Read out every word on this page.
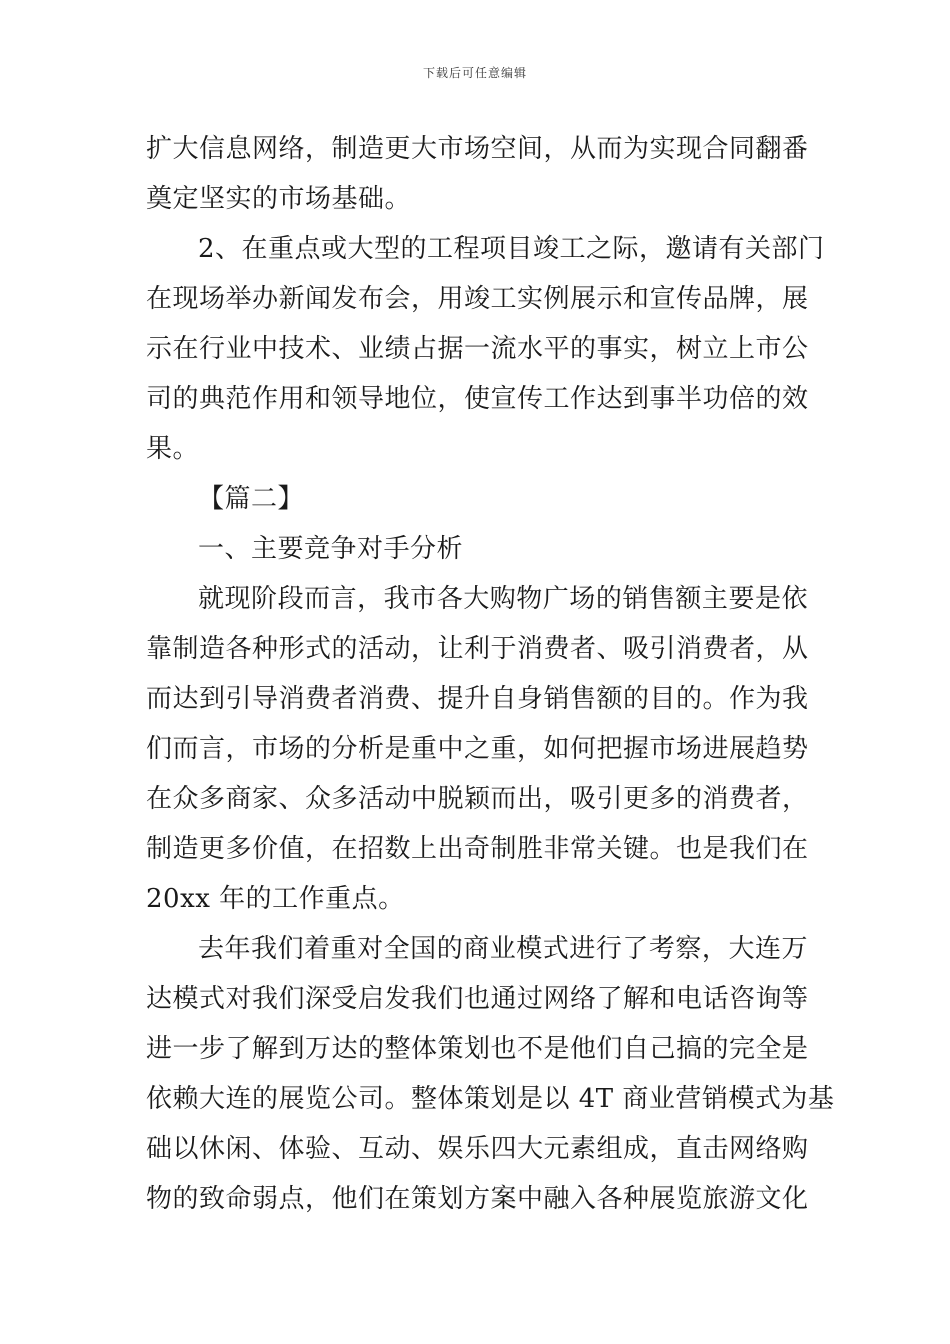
下载后可任意编辑
扩大信息网络，制造更大市场空间，从而为实现合同翻番
奠定坚实的市场基础。
2、在重点或大型的工程项目竣工之际，邀请有关部门
在现场举办新闻发布会，用竣工实例展示和宣传品牌，展
示在行业中技术、业绩占据一流水平的事实，树立上市公
司的典范作用和领导地位，使宣传工作达到事半功倍的效
果。
【篇二】
一、主要竞争对手分析
就现阶段而言，我市各大购物广场的销售额主要是依
靠制造各种形式的活动，让利于消费者、吸引消费者，从
而达到引导消费者消费、提升自身销售额的目的。作为我
们而言，市场的分析是重中之重，如何把握市场进展趋势
在众多商家、众多活动中脱颖而出，吸引更多的消费者，
制造更多价值，在招数上出奇制胜非常关键。也是我们在
20xx 年的工作重点。
去年我们着重对全国的商业模式进行了考察，大连万
达模式对我们深受启发我们也通过网络了解和电话咨询等
进一步了解到万达的整体策划也不是他们自己搞的完全是
依赖大连的展览公司。整体策划是以 4T 商业营销模式为基
础以休闲、体验、互动、娱乐四大元素组成，直击网络购
物的致命弱点，他们在策划方案中融入各种展览旅游文化
